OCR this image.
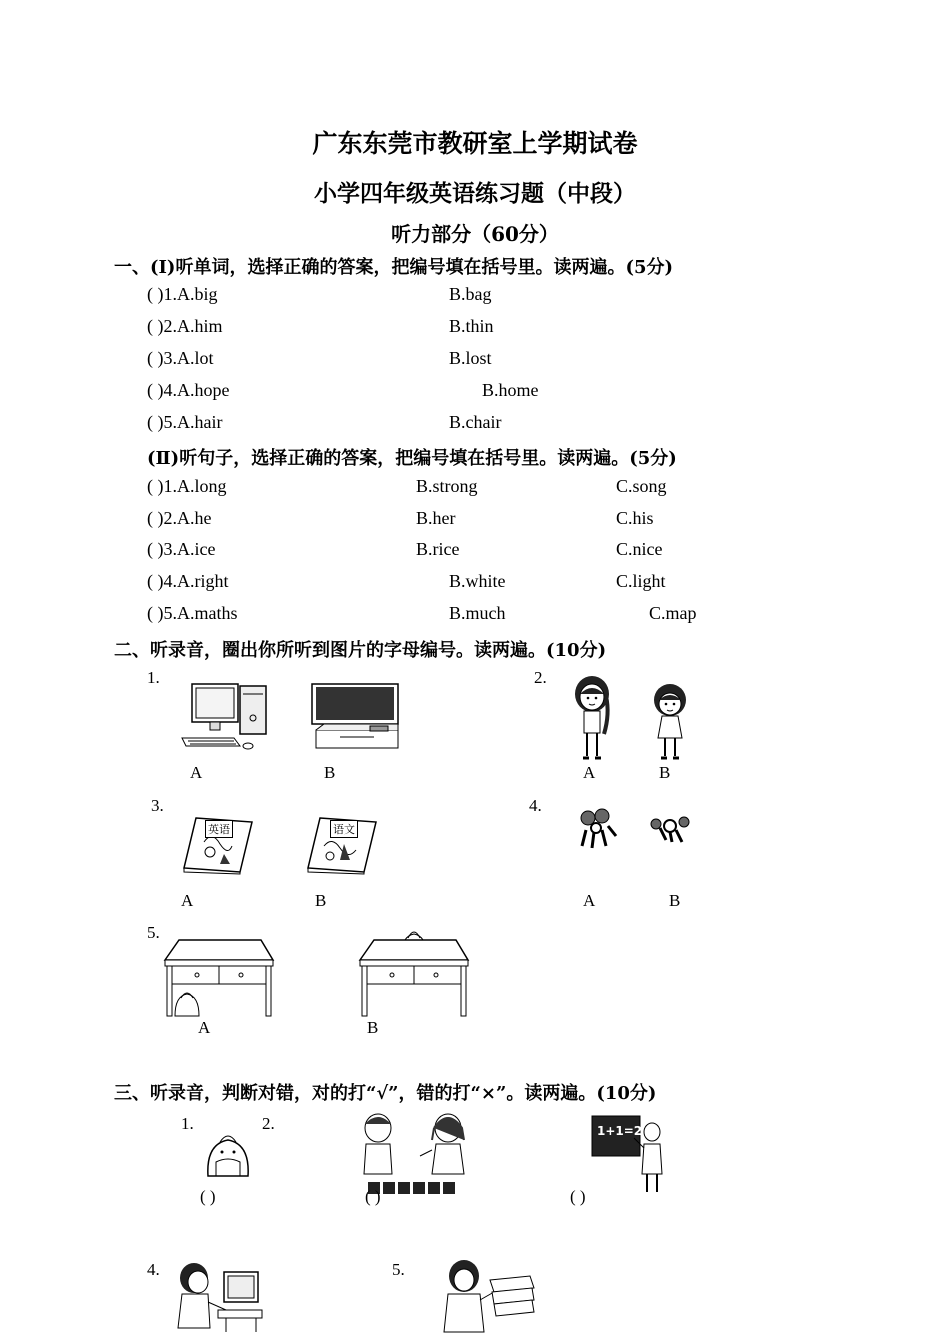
广东东莞市教研室上学期试卷
小学四年级英语练习题（中段）
听力部分（60分）
一、(I)听单词，选择正确的答案，把编号填在括号里。读两遍。(5分)
( )1.A.big	B.bag
( )2.A.him	B.thin
( )3.A.lot	B.lost
( )4.A.hope	B.home
( )5.A.hair	B.chair
(Ⅱ)听句子，选择正确的答案，把编号填在括号里。读两遍。(5分)
( )1.A.long	B.strong	C.song
( )2.A.he	B.her	C.his
( )3.A.ice	B.rice	C.nice
( )4.A.right	B.white	C.light
( )5.A.maths	B.much	C.map
二、听录音，圈出你所听到图片的字母编号。读两遍。(10分)
1.	2.
3.	4.
5.
A	B	A	B
英语	语文
A	B	A	B
A	B
三、听录音，判断对错，对的打“√”，错的打“×”。读两遍。(10分)
1.	2.	1+1=2
( )	( )	( )
4.	5.
